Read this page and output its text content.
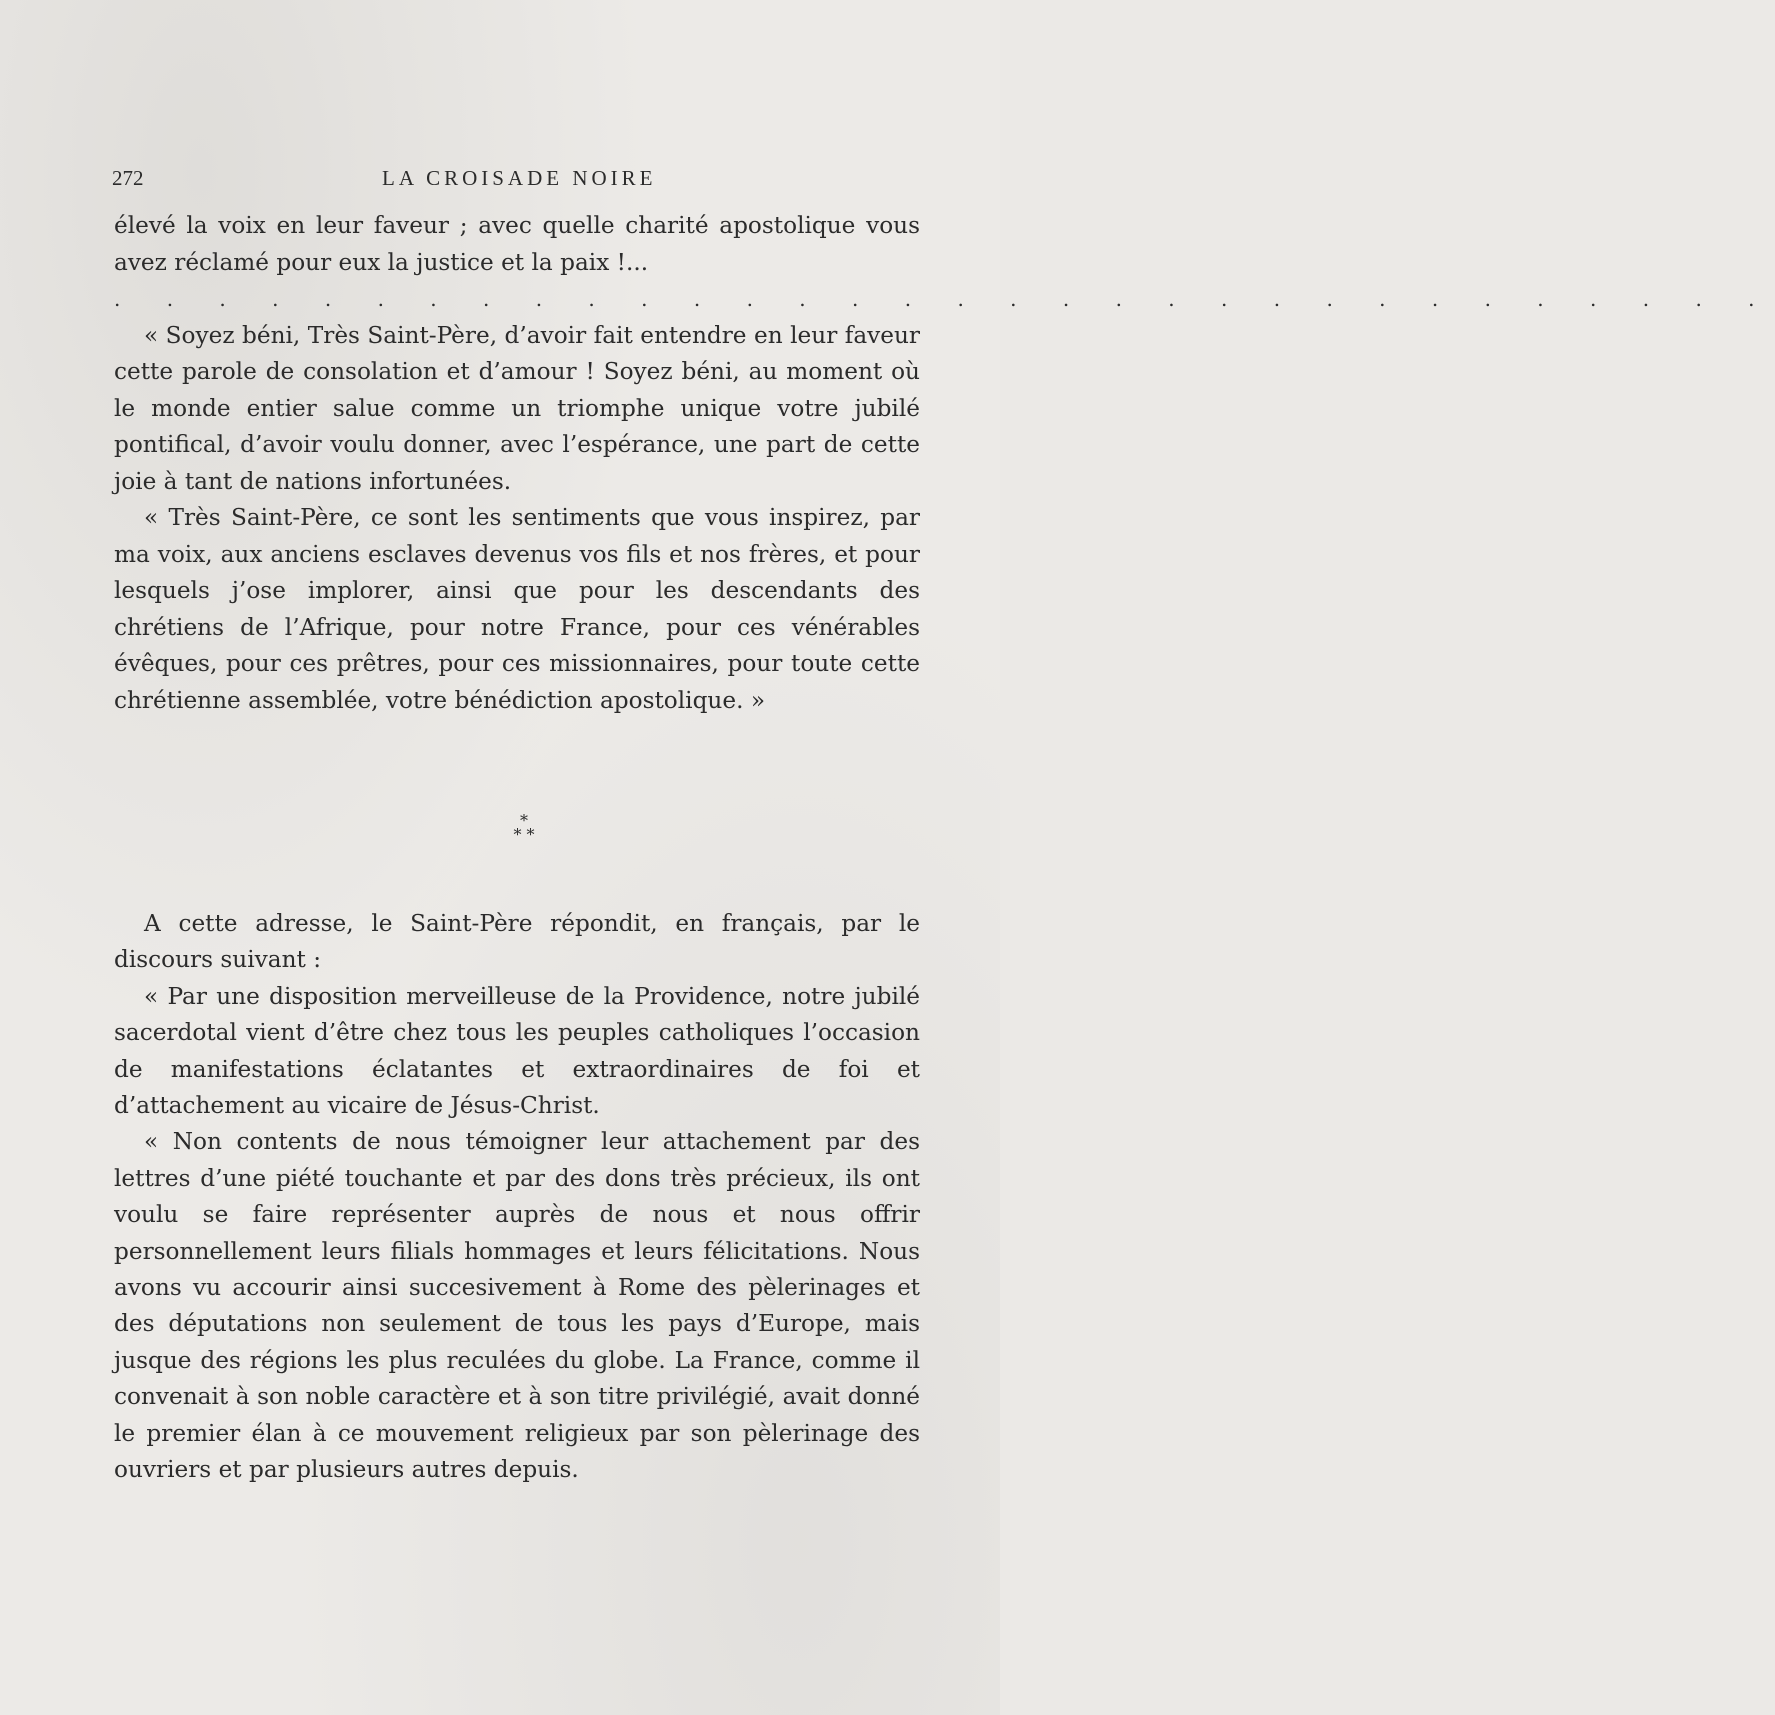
272	LA CROISADE NOIRE

élevé la voix en leur faveur ; avec quelle charité apostolique vous avez réclamé pour eux la justice et la paix !...

. . . . . . . . . . . . . . . . . . . . . . . . . . . . . . . .

« Soyez béni, Très Saint-Père, d’avoir fait entendre en leur faveur cette parole de consolation et d’amour ! Soyez béni, au moment où le monde entier salue comme un triomphe unique votre jubilé pontifical, d’avoir voulu donner, avec l’espérance, une part de cette joie à tant de nations infortunées.

« Très Saint-Père, ce sont les sentiments que vous inspirez, par ma voix, aux anciens esclaves devenus vos fils et nos frères, et pour lesquels j’ose implorer, ainsi que pour les descendants des chrétiens de l’Afrique, pour notre France, pour ces vénérables évêques, pour ces prêtres, pour ces missionnaires, pour toute cette chrétienne assemblée, votre bénédiction apostolique. »

*
* *

A cette adresse, le Saint-Père répondit, en français, par le discours suivant :

« Par une disposition merveilleuse de la Providence, notre jubilé sacerdotal vient d’être chez tous les peuples catholiques l’occasion de manifestations éclatantes et extraordinaires de foi et d’attachement au vicaire de Jésus-Christ.

« Non contents de nous témoigner leur attachement par des lettres d’une piété touchante et par des dons très précieux, ils ont voulu se faire représenter auprès de nous et nous offrir personnellement leurs filials hommages et leurs félicitations. Nous avons vu accourir ainsi succesivement à Rome des pèlerinages et des députations non seulement de tous les pays d’Europe, mais jusque des régions les plus reculées du globe. La France, comme il convenait à son noble caractère et à son titre privilégié, avait donné le premier élan à ce mouvement religieux par son pèlerinage des ouvriers et par plusieurs autres depuis.
